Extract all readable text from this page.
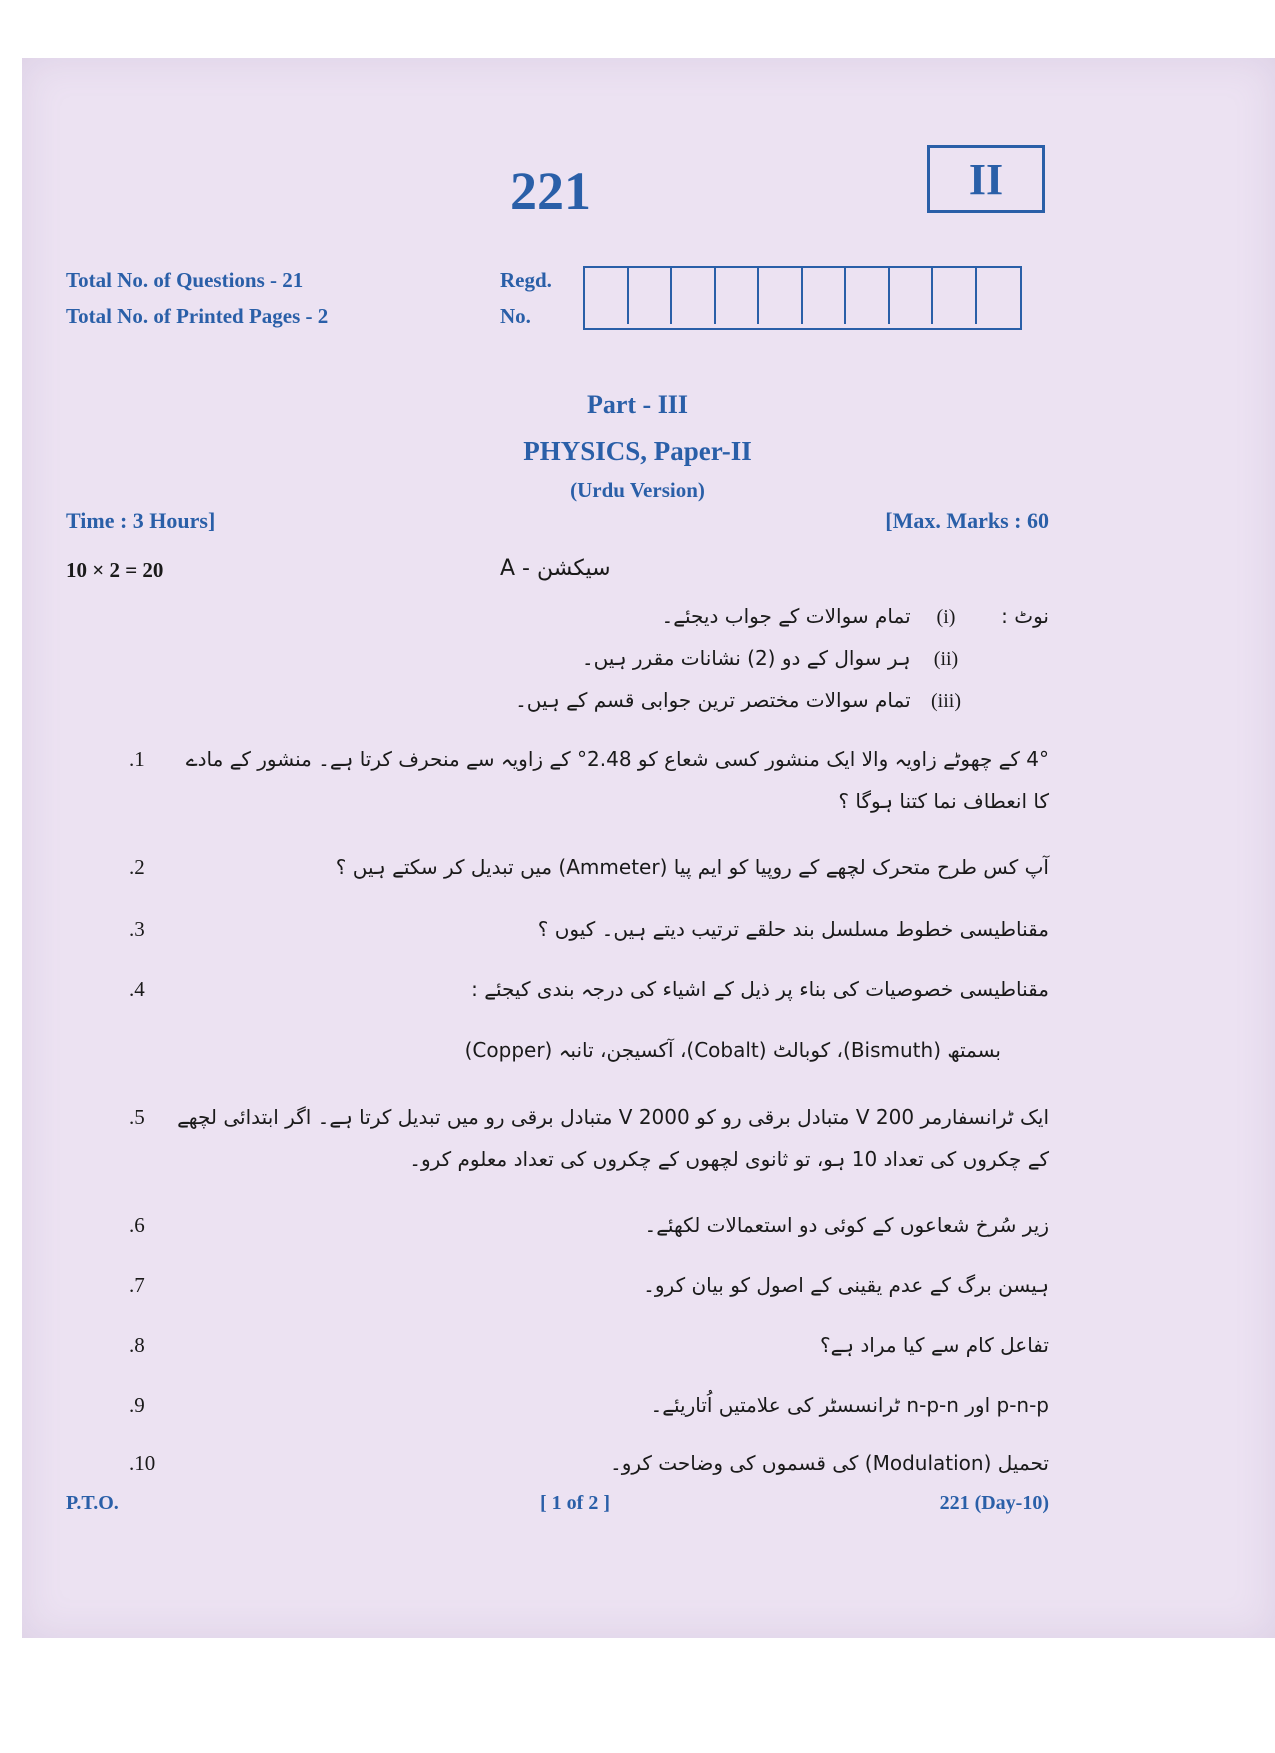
221	II
Total No. of Questions - 21
Total No. of Printed Pages - 2
Regd.
No.
Part - III
PHYSICS, Paper-II
(Urdu Version)
Time : 3 Hours]	[Max. Marks : 60
10 × 2 = 20	سیکشن - A
نوٹ :
(i) تمام سوالات کے جواب دیجئے۔
(ii) ہر سوال کے دو (2) نشانات مقرر ہیں۔
(iii) تمام سوالات مختصر ترین جوابی قسم کے ہیں۔
4° کے چھوٹے زاویہ والا ایک منشور کسی شعاع کو 2.48° کے زاویہ سے منحرف کرتا ہے۔ منشور کے مادے کا انعطاف نما کتنا ہوگا ؟
.1
آپ کس طرح متحرک لچھے کے روپیا کو ایم پیا (Ammeter) میں تبدیل کر سکتے ہیں ؟
.2
مقناطیسی خطوط مسلسل بند حلقے ترتیب دیتے ہیں۔ کیوں ؟
.3
مقناطیسی خصوصیات کی بناء پر ذیل کے اشیاء کی درجہ بندی کیجئے :
.4
بسمتھ (Bismuth)، کوبالٹ (Cobalt)، آکسیجن، تانبہ (Copper)
ایک ٹرانسفارمر 200 V متبادل برقی رو کو 2000 V متبادل برقی رو میں تبدیل کرتا ہے۔ اگر ابتدائی لچھے کے چکروں کی تعداد 10 ہو، تو ثانوی لچھوں کے چکروں کی تعداد معلوم کرو۔
.5
زیر سُرخ شعاعوں کے کوئی دو استعمالات لکھئے۔
.6
ہیسن برگ کے عدم یقینی کے اصول کو بیان کرو۔
.7
تفاعل کام سے کیا مراد ہے؟
.8
p-n-p اور n-p-n ٹرانسسٹر کی علامتیں اُتاریئے۔
.9
تحمیل (Modulation) کی قسموں کی وضاحت کرو۔
.10
P.T.O.	[ 1 of 2 ]	221 (Day-10)
